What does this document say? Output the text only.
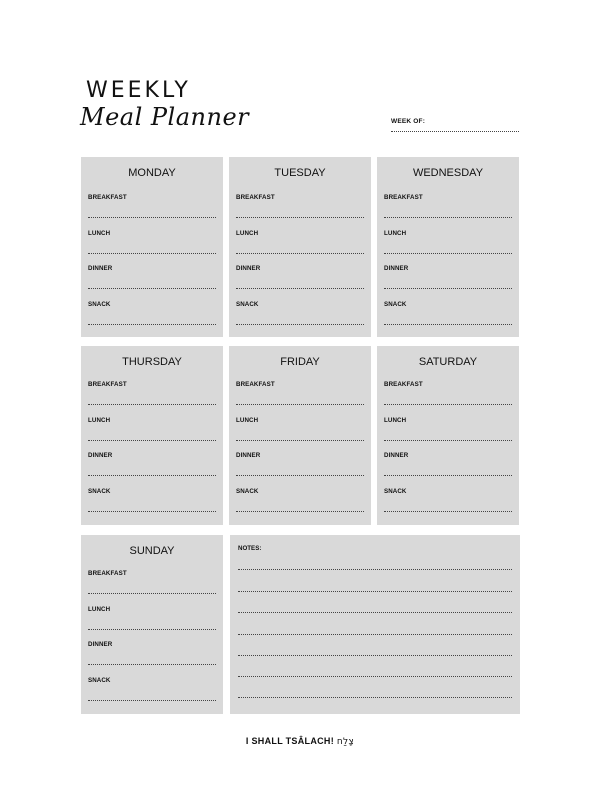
WEEKLY
Meal Planner	WEEK OF:
MONDAY
BREAKFAST
LUNCH
DINNER
SNACK
TUESDAY
BREAKFAST
LUNCH
DINNER
SNACK
WEDNESDAY
BREAKFAST
LUNCH
DINNER
SNACK
THURSDAY
BREAKFAST
LUNCH
DINNER
SNACK
FRIDAY
BREAKFAST
LUNCH
DINNER
SNACK
SATURDAY
BREAKFAST
LUNCH
DINNER
SNACK
SUNDAY
BREAKFAST
LUNCH
DINNER
SNACK
NOTES:
I SHALL TSÂLACH! צָלַח
